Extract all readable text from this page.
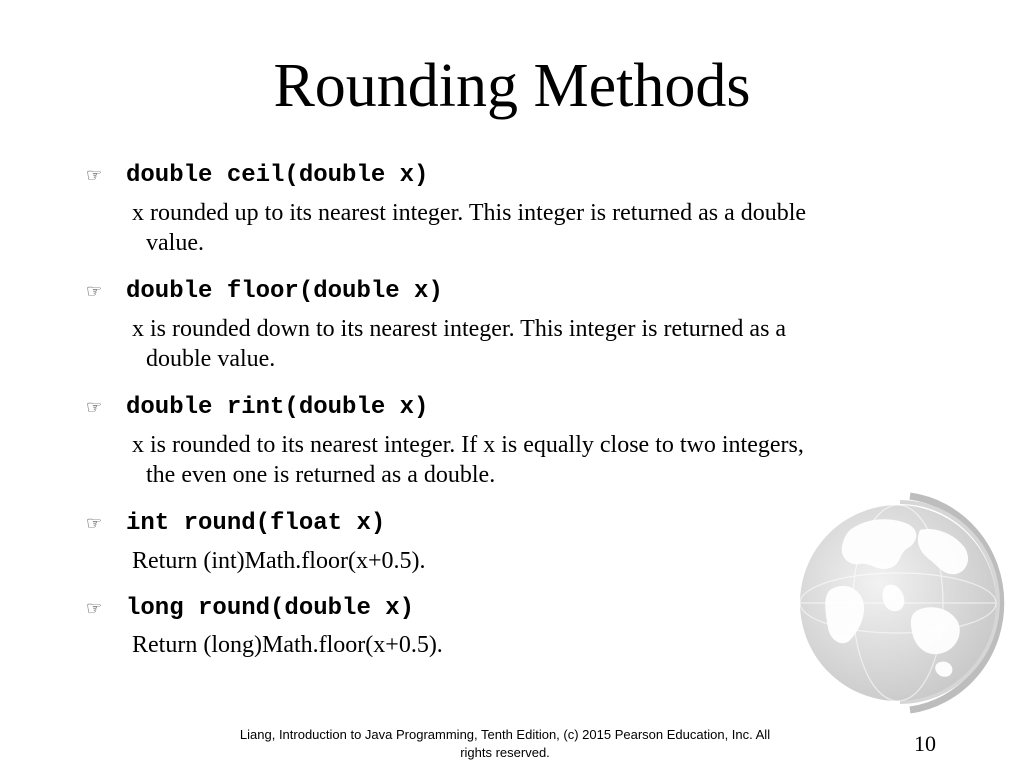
Rounding Methods
☞ double ceil(double x)
x rounded up to its nearest integer. This integer is returned as a double
value.
☞ double floor(double x)
x is rounded down to its nearest integer. This integer is returned as a
double value.
☞ double rint(double x)
x is rounded to its nearest integer. If x is equally close to two integers,
the even one is returned as a double.
☞ int round(float x)
Return (int)Math.floor(x+0.5).
☞ long round(double x)
Return (long)Math.floor(x+0.5).
Liang, Introduction to Java Programming, Tenth Edition, (c) 2015 Pearson Education, Inc. All
rights reserved.	10
